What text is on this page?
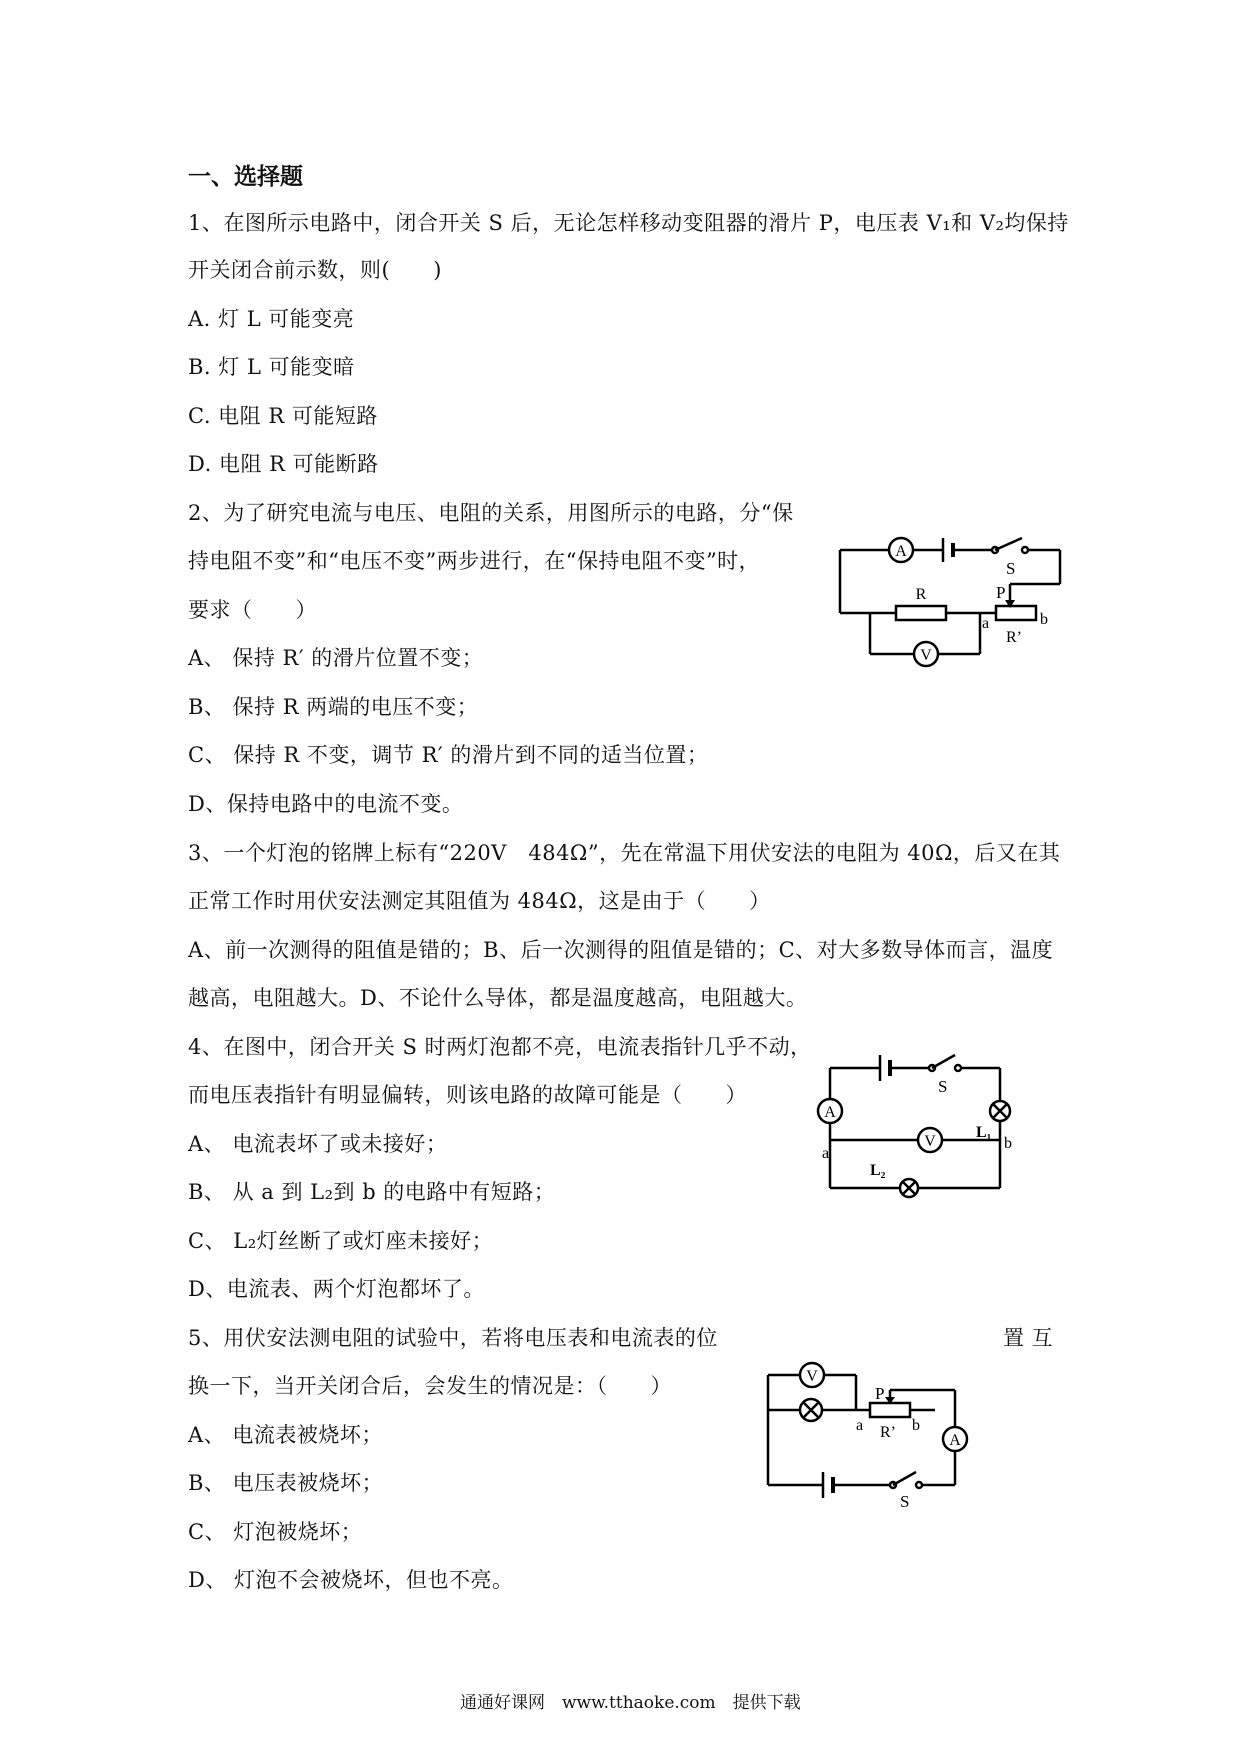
一、选择题
1、在图所示电路中，闭合开关 S 后，无论怎样移动变阻器的滑片 P，电压表 V₁和 V₂均保持
开关闭合前示数，则(　　)
A. 灯 L 可能变亮
B. 灯 L 可能变暗
C. 电阻 R 可能短路
D. 电阻 R 可能断路
2、为了研究电流与电压、电阻的关系，用图所示的电路，分“保
持电阻不变”和“电压不变”两步进行，在“保持电阻不变”时，
要求（　　）
A、 保持 R′ 的滑片位置不变；
B、 保持 R 两端的电压不变；
C、 保持 R 不变，调节 R′ 的滑片到不同的适当位置；
D、保持电路中的电流不变。
A
S
R	P
a	b
R’
V
3、一个灯泡的铭牌上标有“220V　484Ω”，先在常温下用伏安法的电阻为 40Ω，后又在其
正常工作时用伏安法测定其阻值为 484Ω，这是由于（　　）
A、前一次测得的阻值是错的；B、后一次测得的阻值是错的；C、对大多数导体而言，温度
越高，电阻越大。D、不论什么导体，都是温度越高，电阻越大。
4、在图中，闭合开关 S 时两灯泡都不亮，电流表指针几乎不动，
而电压表指针有明显偏转，则该电路的故障可能是（　　）
A、 电流表坏了或未接好；
B、 从 a 到 L₂到 b 的电路中有短路；
C、 L₂灯丝断了或灯座未接好；
D、电流表、两个灯泡都坏了。
S
A
L₁
a
b
V
L₂
5、用伏安法测电阻的试验中，若将电压表和电流表的位	置 互
换一下，当开关闭合后，会发生的情况是：（　　）
A、 电流表被烧坏；
B、 电压表被烧坏；
C、 灯泡被烧坏；
D、 灯泡不会被烧坏，但也不亮。
V
P
a	b
R’	A
S
通通好课网　www.tthaoke.com　提供下载
